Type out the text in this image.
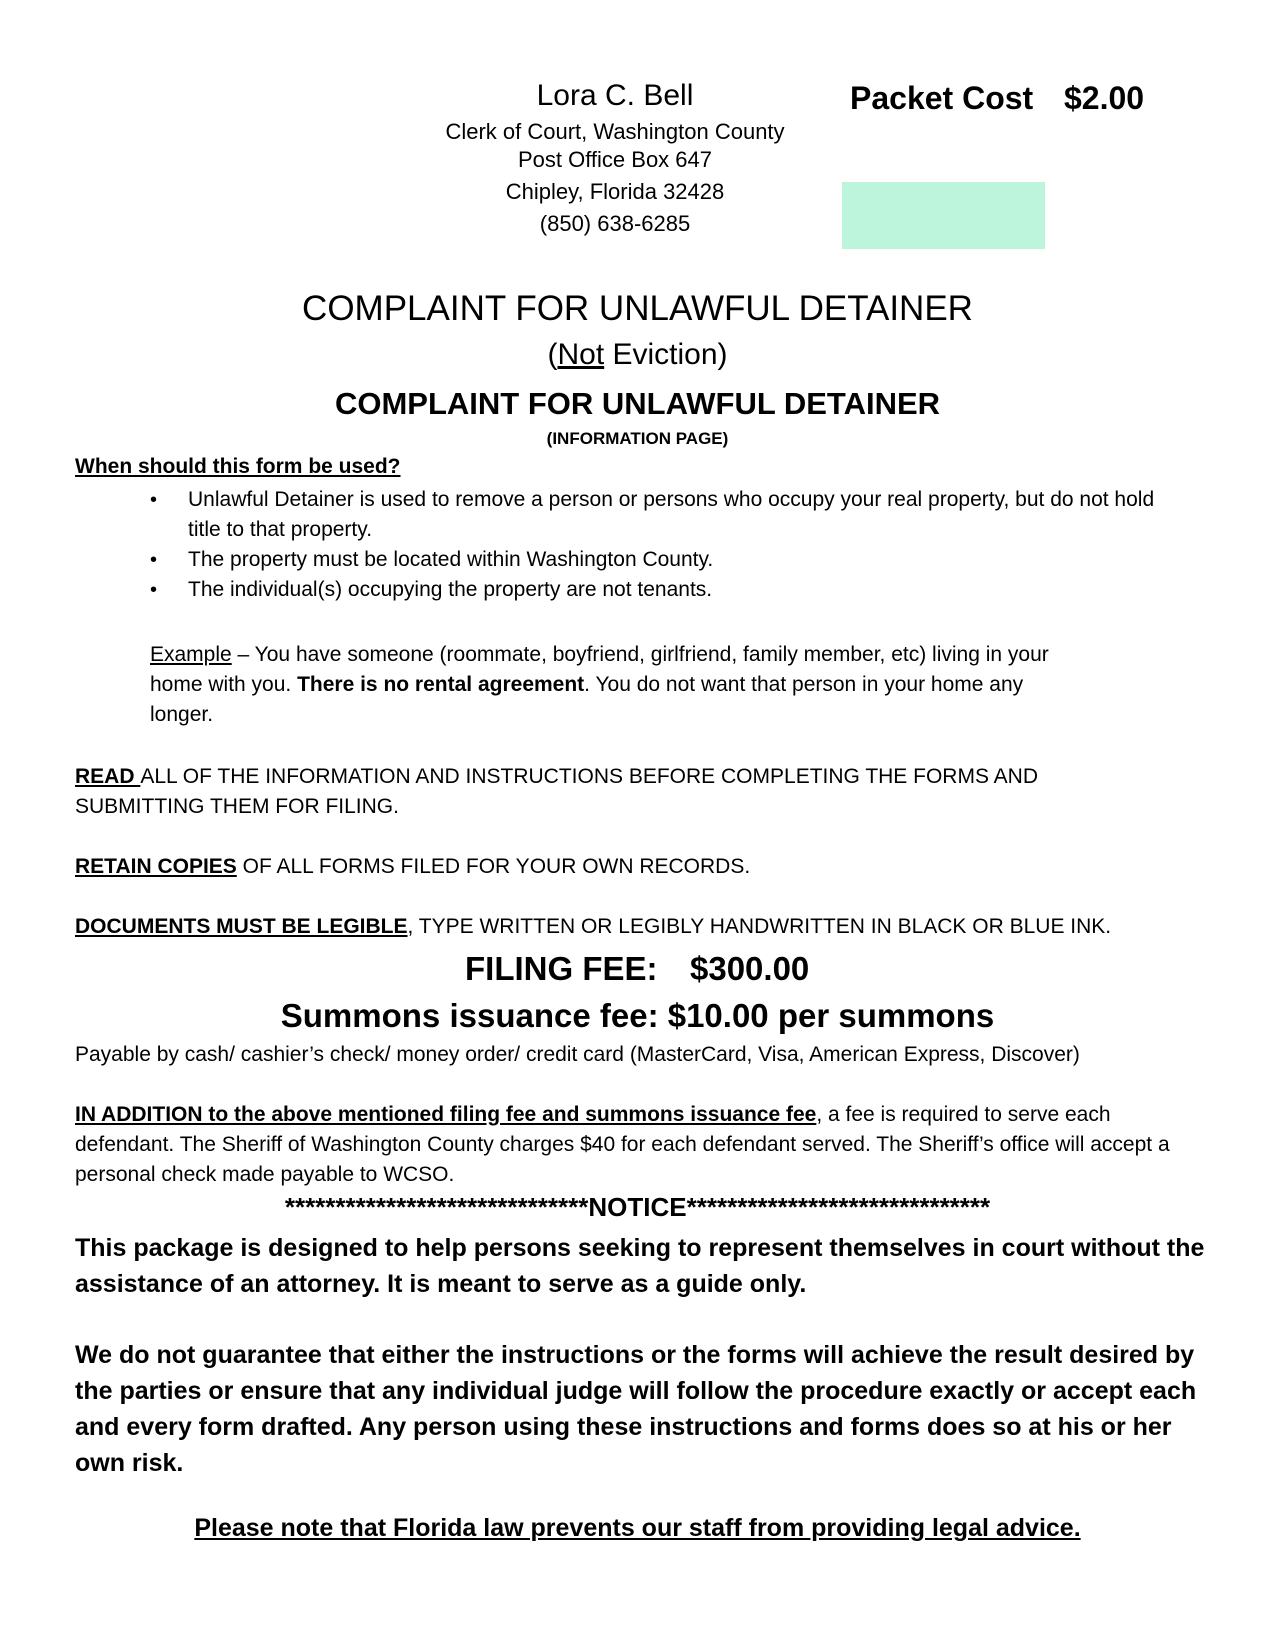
Lora C. Bell
Clerk of Court, Washington County
Post Office Box 647
Chipley, Florida 32428
(850) 638-6285
Packet Cost $2.00
COMPLAINT FOR UNLAWFUL DETAINER
(Not Eviction)
COMPLAINT FOR UNLAWFUL DETAINER
(INFORMATION PAGE)
When should this form be used?
• Unlawful Detainer is used to remove a person or persons who occupy your real property, but do not hold title to that property.
• The property must be located within Washington County.
• The individual(s) occupying the property are not tenants.
Example – You have someone (roommate, boyfriend, girlfriend, family member, etc) living in your home with you. There is no rental agreement. You do not want that person in your home any longer.
READ ALL OF THE INFORMATION AND INSTRUCTIONS BEFORE COMPLETING THE FORMS AND SUBMITTING THEM FOR FILING.
RETAIN COPIES OF ALL FORMS FILED FOR YOUR OWN RECORDS.
DOCUMENTS MUST BE LEGIBLE, TYPE WRITTEN OR LEGIBLY HANDWRITTEN IN BLACK OR BLUE INK.
FILING FEE: $300.00
Summons issuance fee: $10.00 per summons
Payable by cash/ cashier’s check/ money order/ credit card (MasterCard, Visa, American Express, Discover)
IN ADDITION to the above mentioned filing fee and summons issuance fee, a fee is required to serve each defendant. The Sheriff of Washington County charges $40 for each defendant served. The Sheriff’s office will accept a personal check made payable to WCSO.
******************************NOTICE******************************
This package is designed to help persons seeking to represent themselves in court without the assistance of an attorney. It is meant to serve as a guide only.
We do not guarantee that either the instructions or the forms will achieve the result desired by the parties or ensure that any individual judge will follow the procedure exactly or accept each and every form drafted. Any person using these instructions and forms does so at his or her own risk.
Please note that Florida law prevents our staff from providing legal advice.
